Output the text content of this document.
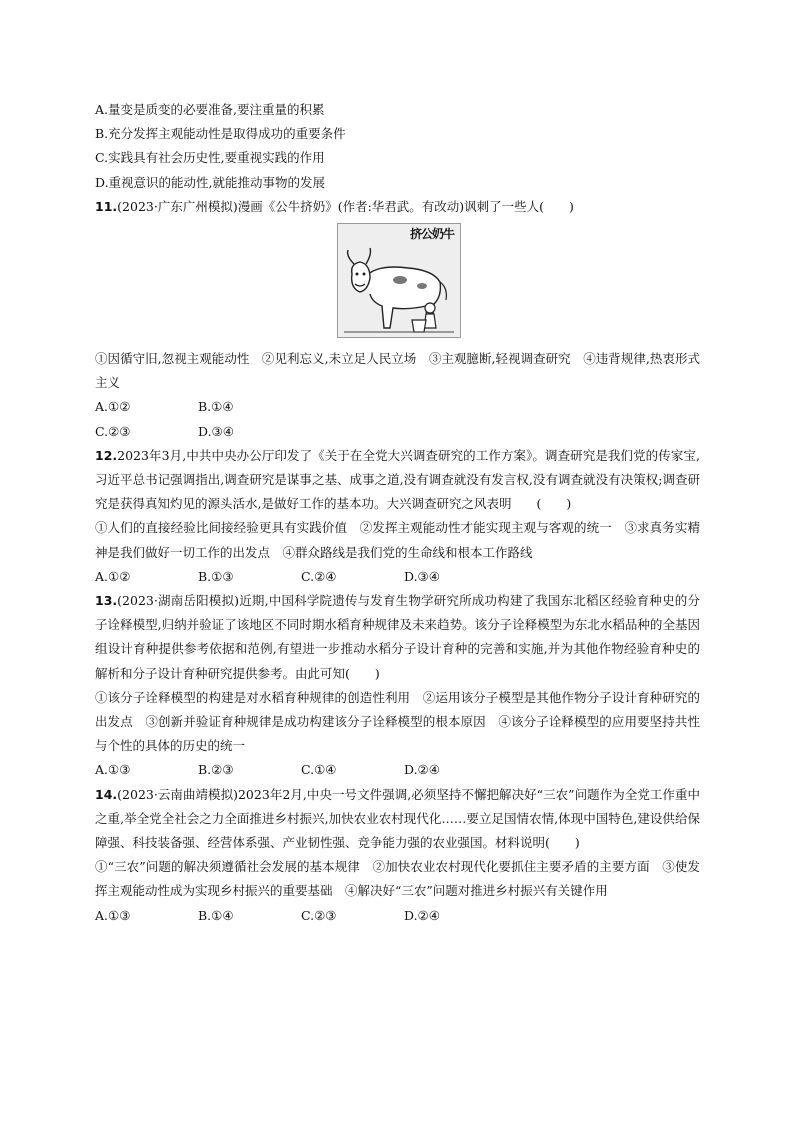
A.量变是质变的必要准备,要注重量的积累
B.充分发挥主观能动性是取得成功的重要条件
C.实践具有社会历史性,要重视实践的作用
D.重视意识的能动性,就能推动事物的发展
11.(2023·广东广州模拟)漫画《公牛挤奶》(作者:华君武。有改动)讽刺了一些人(　　)
挤公奶牛
①因循守旧,忽视主观能动性　②见利忘义,未立足人民立场　③主观臆断,轻视调查研究　④违背规律,热衷形式主义
A.①②	B.①④
C.②③	D.③④
12.2023年3月,中共中央办公厅印发了《关于在全党大兴调查研究的工作方案》。调查研究是我们党的传家宝,习近平总书记强调指出,调查研究是谋事之基、成事之道,没有调查就没有发言权,没有调查就没有决策权;调查研究是获得真知灼见的源头活水,是做好工作的基本功。大兴调查研究之风表明　　(　　)
①人们的直接经验比间接经验更具有实践价值　②发挥主观能动性才能实现主观与客观的统一　③求真务实精神是我们做好一切工作的出发点　④群众路线是我们党的生命线和根本工作路线
A.①②	B.①③	C.②④	D.③④
13.(2023·湖南岳阳模拟)近期,中国科学院遗传与发育生物学研究所成功构建了我国东北稻区经验育种史的分子诠释模型,归纳并验证了该地区不同时期水稻育种规律及未来趋势。该分子诠释模型为东北水稻品种的全基因组设计育种提供参考依据和范例,有望进一步推动水稻分子设计育种的完善和实施,并为其他作物经验育种史的解析和分子设计育种研究提供参考。由此可知(　　)
①该分子诠释模型的构建是对水稻育种规律的创造性利用　②运用该分子模型是其他作物分子设计育种研究的出发点　③创新并验证育种规律是成功构建该分子诠释模型的根本原因　④该分子诠释模型的应用要坚持共性与个性的具体的历史的统一
A.①③	B.②③	C.①④	D.②④
14.(2023·云南曲靖模拟)2023年2月,中央一号文件强调,必须坚持不懈把解决好“三农”问题作为全党工作重中之重,举全党全社会之力全面推进乡村振兴,加快农业农村现代化……要立足国情农情,体现中国特色,建设供给保障强、科技装备强、经营体系强、产业韧性强、竞争能力强的农业强国。材料说明(　　)
①“三农”问题的解决须遵循社会发展的基本规律　②加快农业农村现代化要抓住主要矛盾的主要方面　③使发挥主观能动性成为实现乡村振兴的重要基础　④解决好“三农”问题对推进乡村振兴有关键作用
A.①③	B.①④	C.②③	D.②④
